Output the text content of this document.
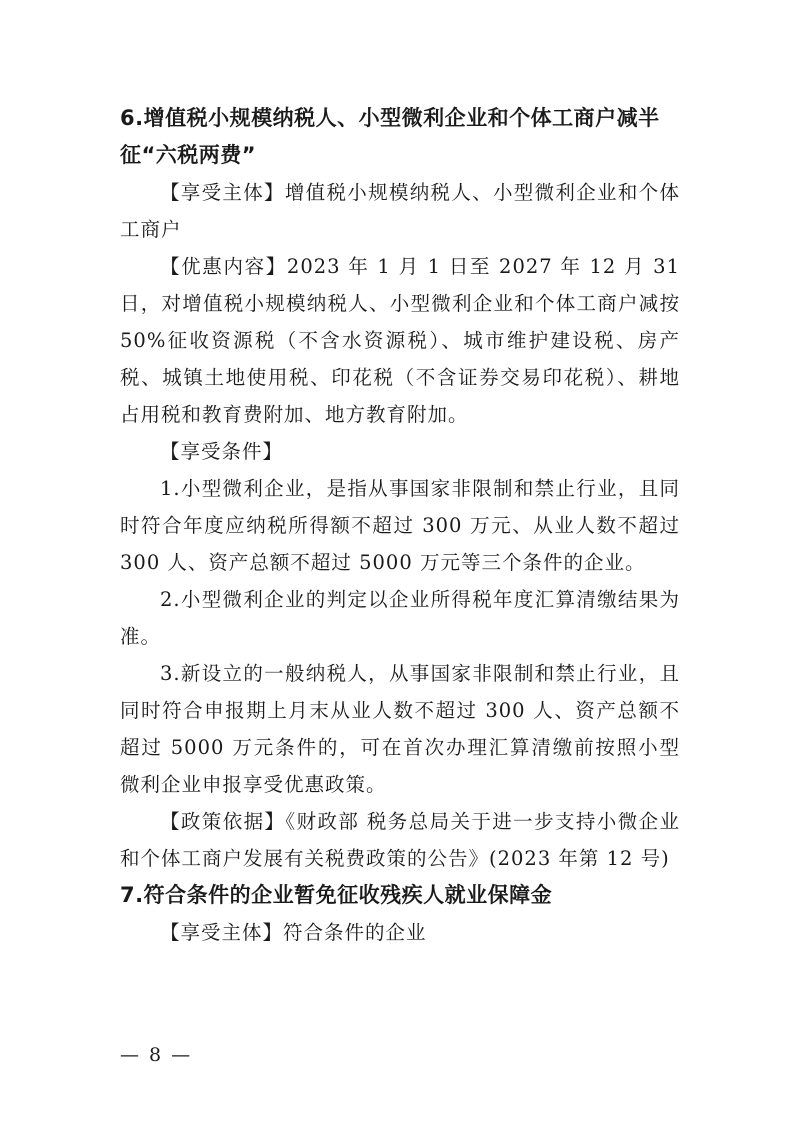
6.增值税小规模纳税人、小型微利企业和个体工商户减半征“六税两费”

【享受主体】增值税小规模纳税人、小型微利企业和个体工商户

【优惠内容】2023 年 1 月 1 日至 2027 年 12 月 31 日，对增值税小规模纳税人、小型微利企业和个体工商户减按50%征收资源税（不含水资源税）、城市维护建设税、房产税、城镇土地使用税、印花税（不含证券交易印花税）、耕地占用税和教育费附加、地方教育附加。

【享受条件】

1.小型微利企业，是指从事国家非限制和禁止行业，且同时符合年度应纳税所得额不超过 300 万元、从业人数不超过 300 人、资产总额不超过 5000 万元等三个条件的企业。

2.小型微利企业的判定以企业所得税年度汇算清缴结果为准。

3.新设立的一般纳税人，从事国家非限制和禁止行业，且同时符合申报期上月末从业人数不超过 300 人、资产总额不超过 5000 万元条件的，可在首次办理汇算清缴前按照小型微利企业申报享受优惠政策。

【政策依据】《财政部 税务总局关于进一步支持小微企业和个体工商户发展有关税费政策的公告》(2023 年第 12 号)

7.符合条件的企业暂免征收残疾人就业保障金

【享受主体】符合条件的企业

— 8 —
